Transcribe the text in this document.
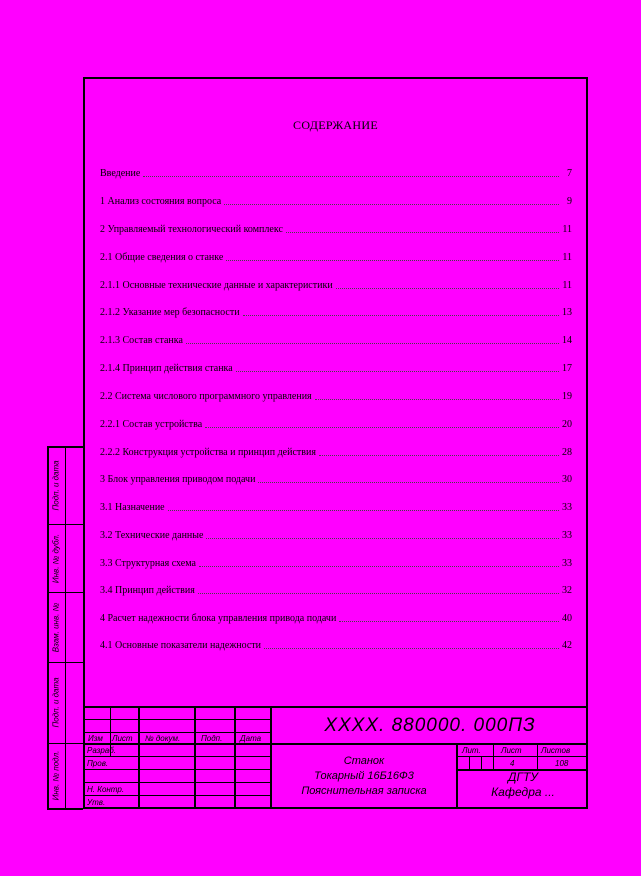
СОДЕРЖАНИЕ
Введение	7
1 Анализ состояния вопроса	9
2 Управляемый технологический комплекс	11
2.1 Общие сведения о станке	11
2.1.1 Основные технические данные и характеристики	11
2.1.2 Указание мер безопасности	13
2.1.3 Состав станка	14
2.1.4 Принцип действия станка	17
2.2 Система числового программного управления	19
2.2.1 Состав устройства	20
2.2.2 Конструкция устройства и принцип действия	28
3 Блок управления приводом подачи	30
3.1 Назначение	33
3.2 Технические данные	33
3.3 Структурная схема	33
3.4 Принцип действия	32
4 Расчет надежности блока управления привода подачи	40
4.1 Основные показатели надежности	42
Подп. и дата
Инв. № дубл.
Взам. инв. №
Подп. и дата
Инв. № подл.
Изм Лист № докум.	Подп. Дата
Разраб.
Пров.
Н. Контр.
Утв.
ХХХХ. 880000. 000ПЗ
Станок
Токарный 16Б16Ф3
Пояснительная записка
Лит.	Лист Листов
4	108
ДГТУ
Кафедра ...
